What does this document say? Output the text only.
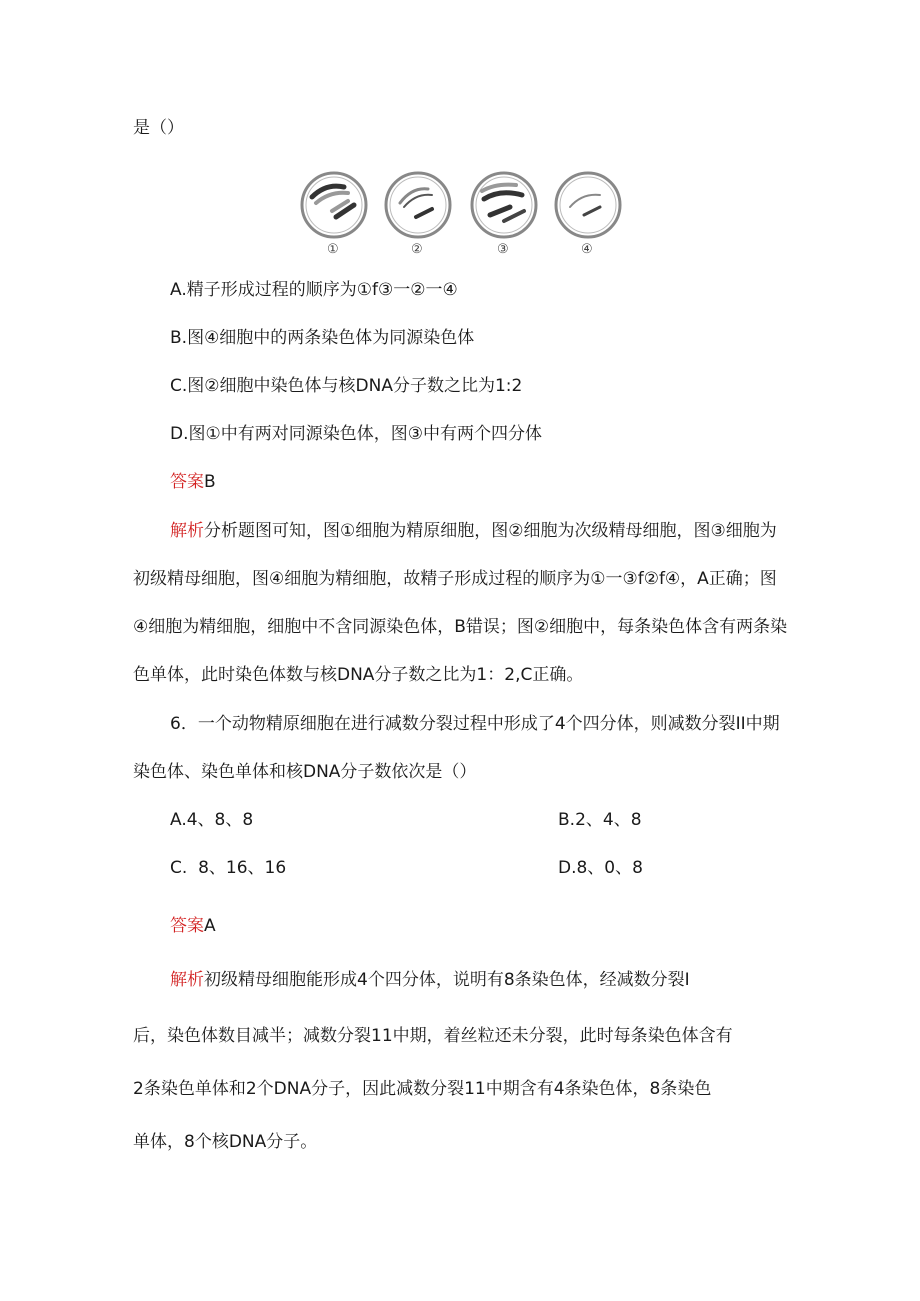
是（）
①	②	③	④
A.精子形成过程的顺序为①f③一②一④
B.图④细胞中的两条染色体为同源染色体
C.图②细胞中染色体与核DNA分子数之比为1:2
D.图①中有两对同源染色体，图③中有两个四分体
答案B
解析分析题图可知，图①细胞为精原细胞，图②细胞为次级精母细胞，图③细胞为
初级精母细胞，图④细胞为精细胞，故精子形成过程的顺序为①一③f②f④，A正确；图
④细胞为精细胞，细胞中不含同源染色体，B错误；图②细胞中，每条染色体含有两条染
色单体，此时染色体数与核DNA分子数之比为1：2,C正确。
6．一个动物精原细胞在进行减数分裂过程中形成了4个四分体，则减数分裂II中期
染色体、染色单体和核DNA分子数依次是（）
A.4、8、8	B.2、4、8
C.  8、16、16	D.8、0、8
答案A
解析初级精母细胞能形成4个四分体，说明有8条染色体，经减数分裂I
后，染色体数目减半；减数分裂11中期，着丝粒还未分裂，此时每条染色体含有
2条染色单体和2个DNA分子，因此减数分裂11中期含有4条染色体，8条染色
单体，8个核DNA分子。
